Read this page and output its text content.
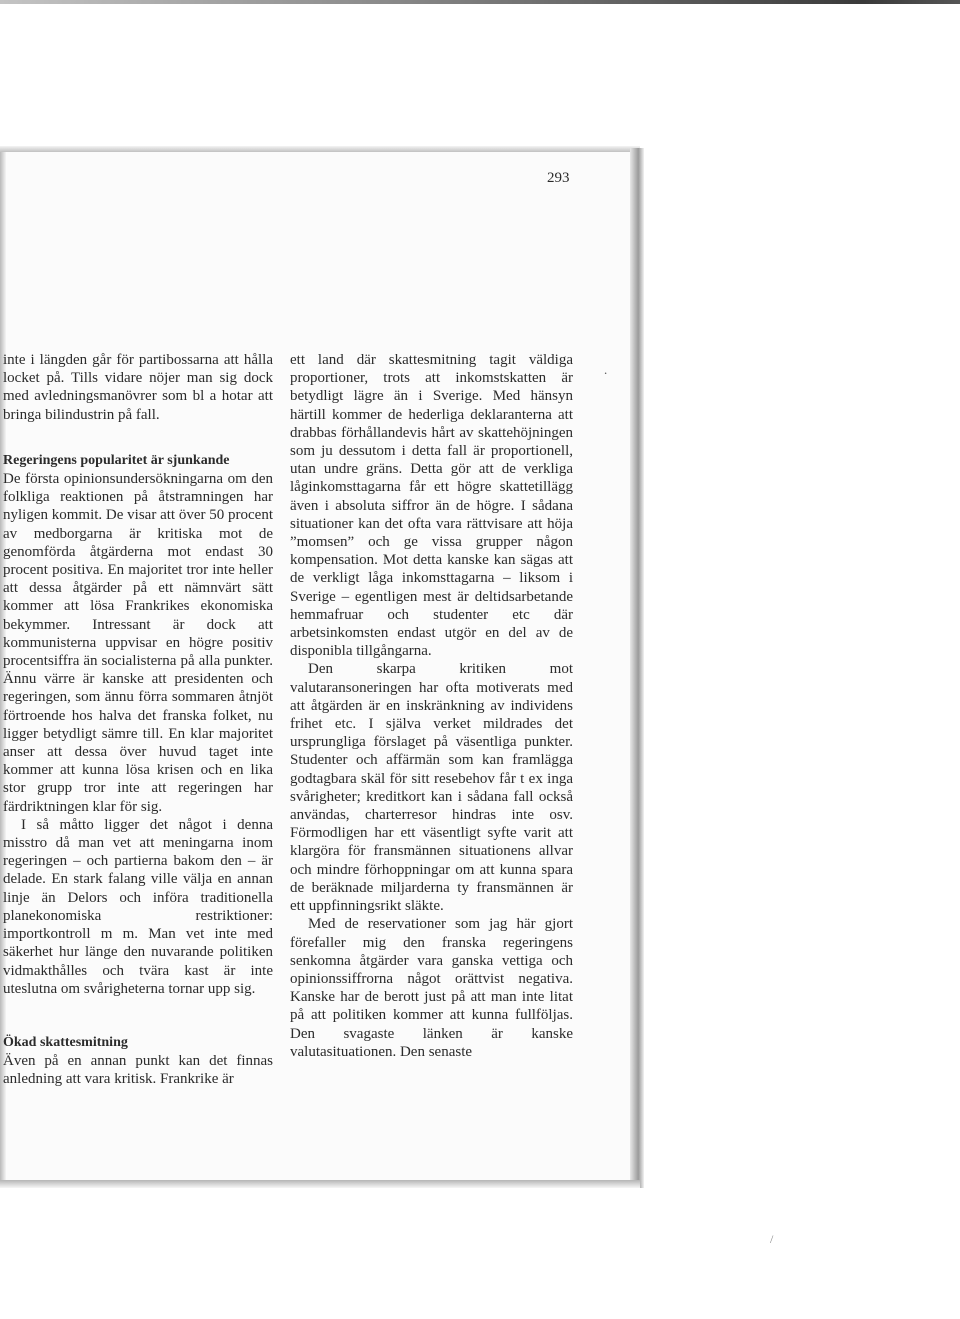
293

inte i längden går för partibossarna att hålla locket på. Tills vidare nöjer man sig dock med avledningsmanövrer som bl a hotar att bringa bilindustrin på fall.

Regeringens popularitet är sjunkande

De första opinionsundersökningarna om den folkliga reaktionen på åtstramningen har nyligen kommit. De visar att över 50 procent av medborgarna är kritiska mot de genomförda åtgärderna mot endast 30 procent positiva. En majoritet tror inte heller att dessa åtgärder på ett nämnvärt sätt kommer att lösa Frankrikes ekonomiska bekymmer. Intressant är dock att kommunisterna uppvisar en högre positiv procentsiffra än socialisterna på alla punkter. Ännu värre är kanske att presidenten och regeringen, som ännu förra sommaren åtnjöt förtroende hos halva det franska folket, nu ligger betydligt sämre till. En klar majoritet anser att dessa över huvud taget inte kommer att kunna lösa krisen och en lika stor grupp tror inte att regeringen har färdriktningen klar för sig.

I så måtto ligger det något i denna misstro då man vet att meningarna inom regeringen – och partierna bakom den – är delade. En stark falang ville välja en annan linje än Delors och införa traditionella planekonomiska restriktioner: importkontroll m m. Man vet inte med säkerhet hur länge den nuvarande politiken vidmakthålles och tvära kast är inte uteslutna om svårigheterna tornar upp sig.

Ökad skattesmitning

Även på en annan punkt kan det finnas anledning att vara kritisk. Frankrike är

ett land där skattesmitning tagit väldiga proportioner, trots att inkomstskatten är betydligt lägre än i Sverige. Med hänsyn härtill kommer de hederliga deklaranterna att drabbas förhållandevis hårt av skattehöjningen som ju dessutom i detta fall är proportionell, utan undre gräns. Detta gör att de verkliga låginkomsttagarna får ett högre skattetillägg även i absoluta siffror än de högre. I sådana situationer kan det ofta vara rättvisare att höja ”momsen” och ge vissa grupper någon kompensation. Mot detta kanske kan sägas att de verkligt låga inkomsttagarna – liksom i Sverige – egentligen mest är deltidsarbetande hemmafruar och studenter etc där arbetsinkomsten endast utgör en del av de disponibla tillgångarna.

Den skarpa kritiken mot valutaransoneringen har ofta motiverats med att åtgärden är en inskränkning av individens frihet etc. I själva verket mildrades det ursprungliga förslaget på väsentliga punkter. Studenter och affärmän som kan framlägga godtagbara skäl för sitt resebehov får t ex inga svårigheter; kreditkort kan i sådana fall också användas, charterresor hindras inte osv. Förmodligen har ett väsentligt syfte varit att klargöra för fransmännen situationens allvar och mindre förhoppningar om att kunna spara de beräknade miljarderna ty fransmännen är ett uppfinningsrikt släkte.

Med de reservationer som jag här gjort förefaller mig den franska regeringens senkomna åtgärder vara ganska vettiga och opinionssiffrorna något orättvist negativa. Kanske har de berott just på att man inte litat på att politiken kommer att kunna fullföljas. Den svagaste länken är kanske valutasituationen. Den senaste

.
/
